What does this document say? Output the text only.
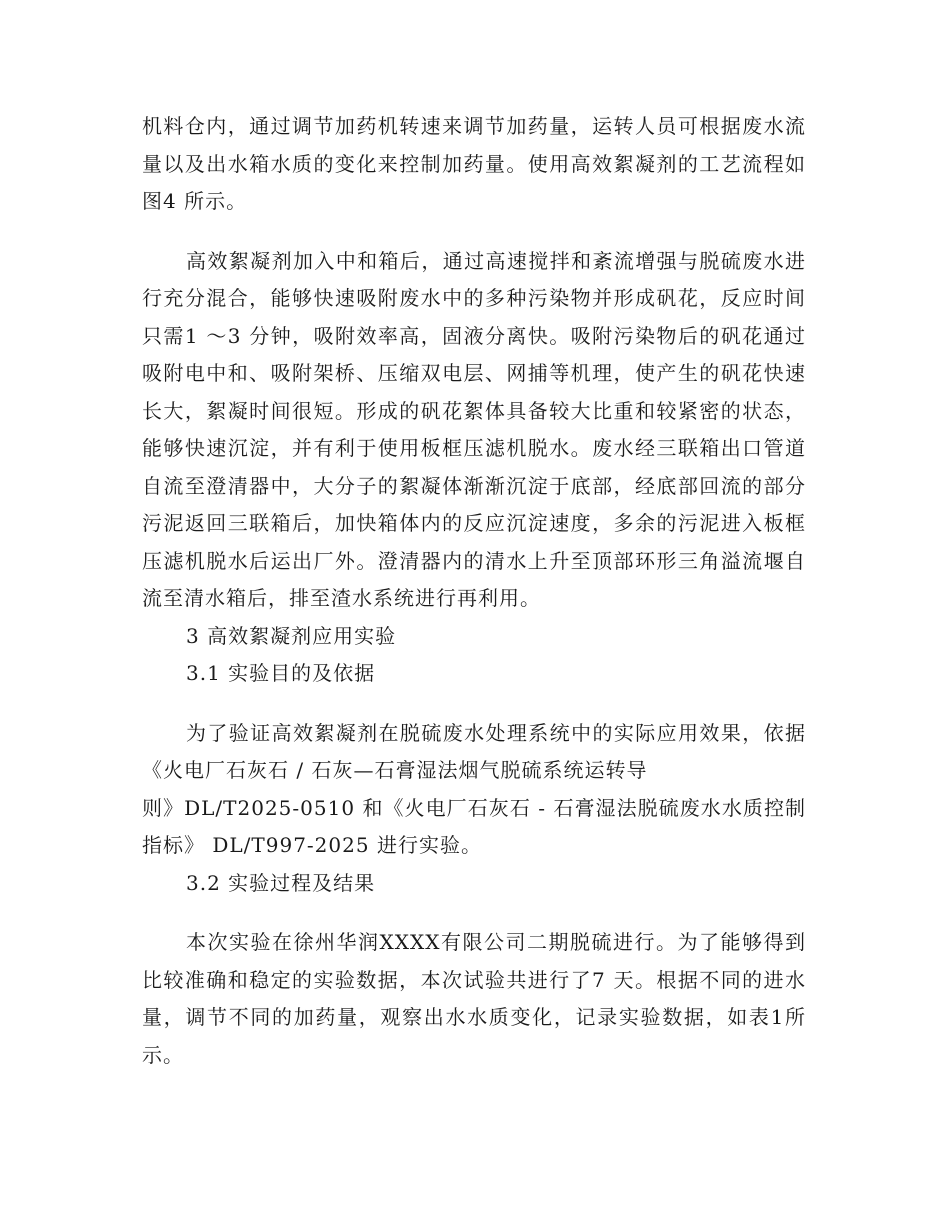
机料仓内，通过调节加药机转速来调节加药量，运转人员可根据废水流量以及出水箱水质的变化来控制加药量。使用高效絮凝剂的工艺流程如图4 所示。

高效絮凝剂加入中和箱后，通过高速搅拌和紊流增强与脱硫废水进行充分混合，能够快速吸附废水中的多种污染物并形成矾花，反应时间只需1 ～3 分钟，吸附效率高，固液分离快。吸附污染物后的矾花通过吸附电中和、吸附架桥、压缩双电层、网捕等机理，使产生的矾花快速长大，絮凝时间很短。形成的矾花絮体具备较大比重和较紧密的状态，能够快速沉淀，并有利于使用板框压滤机脱水。废水经三联箱出口管道自流至澄清器中，大分子的絮凝体渐渐沉淀于底部，经底部回流的部分污泥返回三联箱后，加快箱体内的反应沉淀速度，多余的污泥进入板框压滤机脱水后运出厂外。澄清器内的清水上升至顶部环形三角溢流堰自流至清水箱后，排至渣水系统进行再利用。

3 高效絮凝剂应用实验

3.1 实验目的及依据

为了验证高效絮凝剂在脱硫废水处理系统中的实际应用效果，依据《火电厂石灰石 / 石灰—石膏湿法烟气脱硫系统运转导

则》DL/T2025-0510 和《火电厂石灰石 - 石膏湿法脱硫废水水质控制指标》 DL/T997-2025 进行实验。

3.2 实验过程及结果

本次实验在徐州华润XXXX有限公司二期脱硫进行。为了能够得到比较准确和稳定的实验数据，本次试验共进行了7 天。根据不同的进水量，调节不同的加药量，观察出水水质变化，记录实验数据，如表1所示。
